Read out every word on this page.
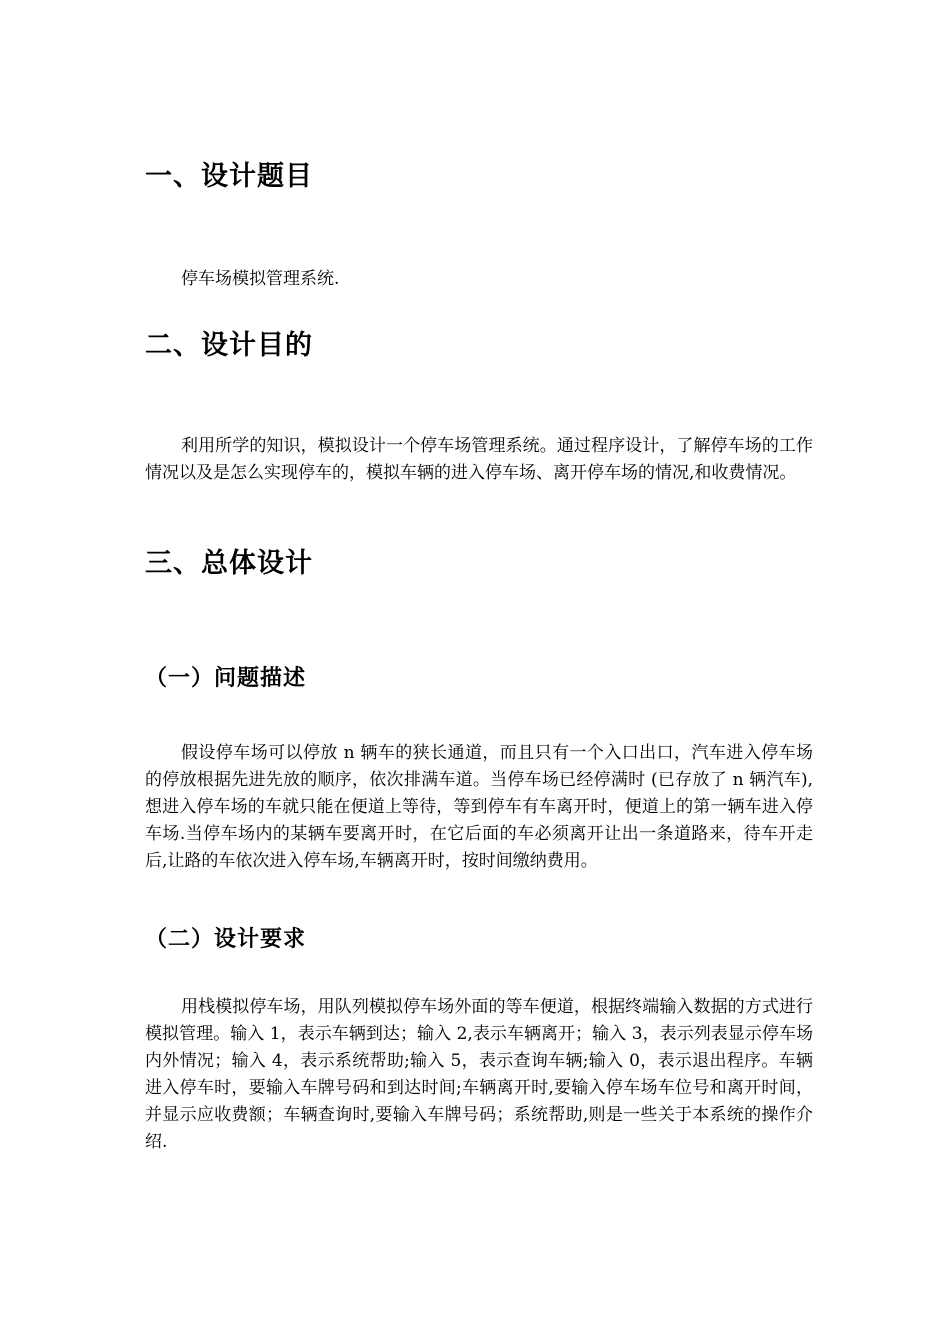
一、设计题目

停车场模拟管理系统.

二、设计目的

利用所学的知识，模拟设计一个停车场管理系统。通过程序设计，了解停车场的工作情况以及是怎么实现停车的，模拟车辆的进入停车场、离开停车场的情况,和收费情况。

三、总体设计
（一）问题描述

假设停车场可以停放 n 辆车的狭长通道，而且只有一个入口出口，汽车进入停车场的停放根据先进先放的顺序，依次排满车道。当停车场已经停满时 (已存放了 n 辆汽车),想进入停车场的车就只能在便道上等待，等到停车有车离开时，便道上的第一辆车进入停车场.当停车场内的某辆车要离开时，在它后面的车必须离开让出一条道路来，待车开走后,让路的车依次进入停车场,车辆离开时，按时间缴纳费用。

（二）设计要求

用栈模拟停车场，用队列模拟停车场外面的等车便道，根据终端输入数据的方式进行模拟管理。输入 1，表示车辆到达；输入 2,表示车辆离开；输入 3，表示列表显示停车场内外情况；输入 4，表示系统帮助;输入 5，表示查询车辆;输入 0，表示退出程序。车辆进入停车时，要输入车牌号码和到达时间;车辆离开时,要输入停车场车位号和离开时间，并显示应收费额；车辆查询时,要输入车牌号码；系统帮助,则是一些关于本系统的操作介绍.
